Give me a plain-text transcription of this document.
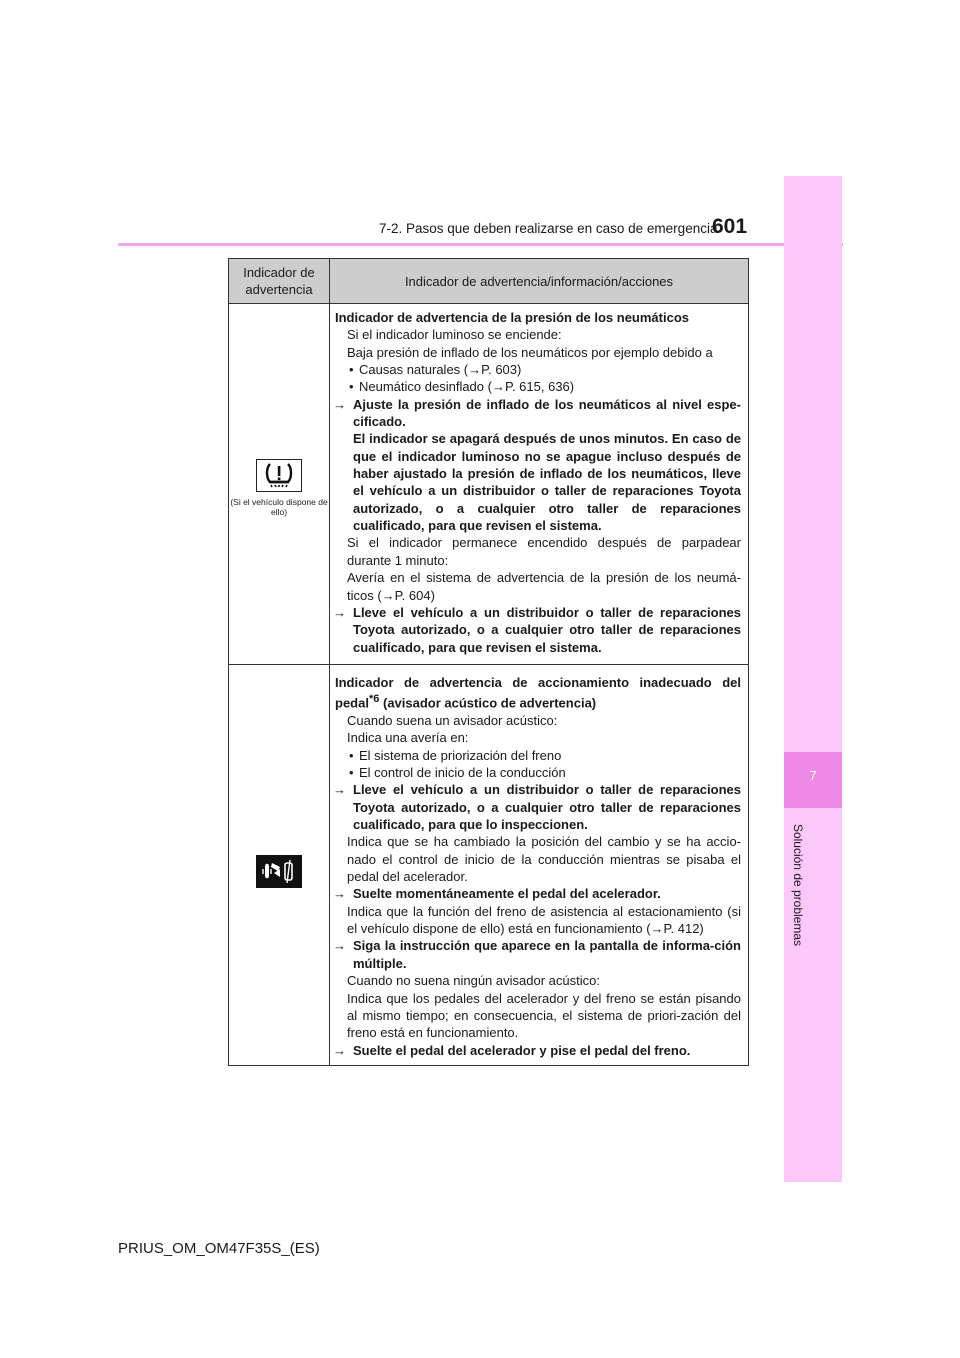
7-2. Pasos que deben realizarse en caso de emergencia
601
7
Solución de problemas
Indicador de advertencia
Indicador de advertencia/información/acciones
(Si el vehículo dispone de ello)

Indicador de advertencia de la presión de los neumáticos

Si el indicador luminoso se enciende:

Baja presión de inflado de los neumáticos por ejemplo debido a

• Causas naturales (→P. 603)

• Neumático desinflado (→P. 615, 636)

→ Ajuste la presión de inflado de los neumáticos al nivel espe-cificado.

El indicador se apagará después de unos minutos. En caso de que el indicador luminoso no se apague incluso después de haber ajustado la presión de inflado de los neumáticos, lleve el vehículo a un distribuidor o taller de reparaciones Toyota autorizado, o a cualquier otro taller de reparaciones cualificado, para que revisen el sistema.

Si el indicador permanece encendido después de parpadear durante 1 minuto:

Avería en el sistema de advertencia de la presión de los neumá-ticos (→P. 604)

→ Lleve el vehículo a un distribuidor o taller de reparaciones Toyota autorizado, o a cualquier otro taller de reparaciones cualificado, para que revisen el sistema.

Indicador de advertencia de accionamiento inadecuado del pedal$^{*6}$ (avisador acústico de advertencia)

Cuando suena un avisador acústico:

Indica una avería en:

• El sistema de priorización del freno

• El control de inicio de la conducción

→ Lleve el vehículo a un distribuidor o taller de reparaciones Toyota autorizado, o a cualquier otro taller de reparaciones cualificado, para que lo inspeccionen.

Indica que se ha cambiado la posición del cambio y se ha accio-nado el control de inicio de la conducción mientras se pisaba el pedal del acelerador.

→ Suelte momentáneamente el pedal del acelerador.

Indica que la función del freno de asistencia al estacionamiento (si el vehículo dispone de ello) está en funcionamiento (→P. 412)

→ Siga la instrucción que aparece en la pantalla de informa-ción múltiple.

Cuando no suena ningún avisador acústico:

Indica que los pedales del acelerador y del freno se están pisando al mismo tiempo; en consecuencia, el sistema de priori-zación del freno está en funcionamiento.

→ Suelte el pedal del acelerador y pise el pedal del freno.

PRIUS_OM_OM47F35S_(ES)
